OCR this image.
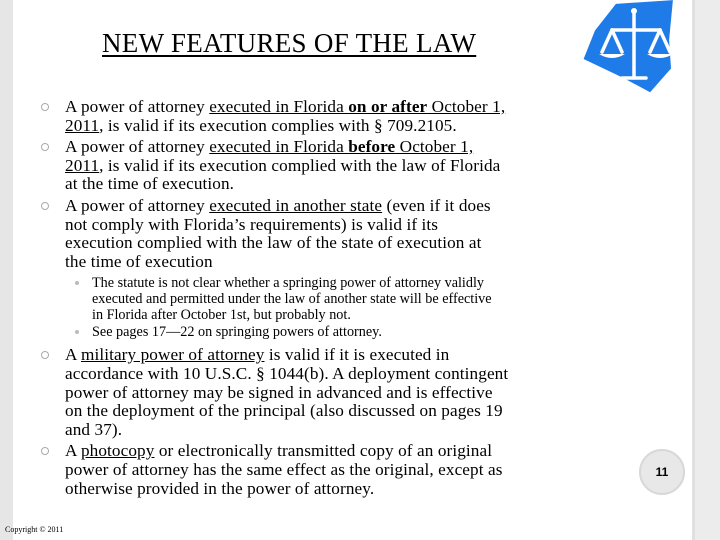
NEW FEATURES OF THE LAW
A power of attorney executed in Florida on or after October 1,
2011, is valid if its execution complies with § 709.2105.
A power of attorney executed in Florida before October 1,
2011, is valid if its execution complied with the law of Florida
at the time of execution.
A power of attorney executed in another state (even if it does
not comply with Florida’s requirements) is valid if its
execution complied with the law of the state of execution at
the time of execution
The statute is not clear whether a springing power of attorney validly
executed and permitted under the law of another state will be effective
in Florida after October 1st, but probably not.
See pages 17—22 on springing powers of attorney.
A military power of attorney is valid if it is executed in
accordance with 10 U.S.C. § 1044(b). A deployment contingent
power of attorney may be signed in advanced and is effective
on the deployment of the principal (also discussed on pages 19
and 37).
A photocopy or electronically transmitted copy of an original
power of attorney has the same effect as the original, except as
otherwise provided in the power of attorney.
11
Copyright © 2011
